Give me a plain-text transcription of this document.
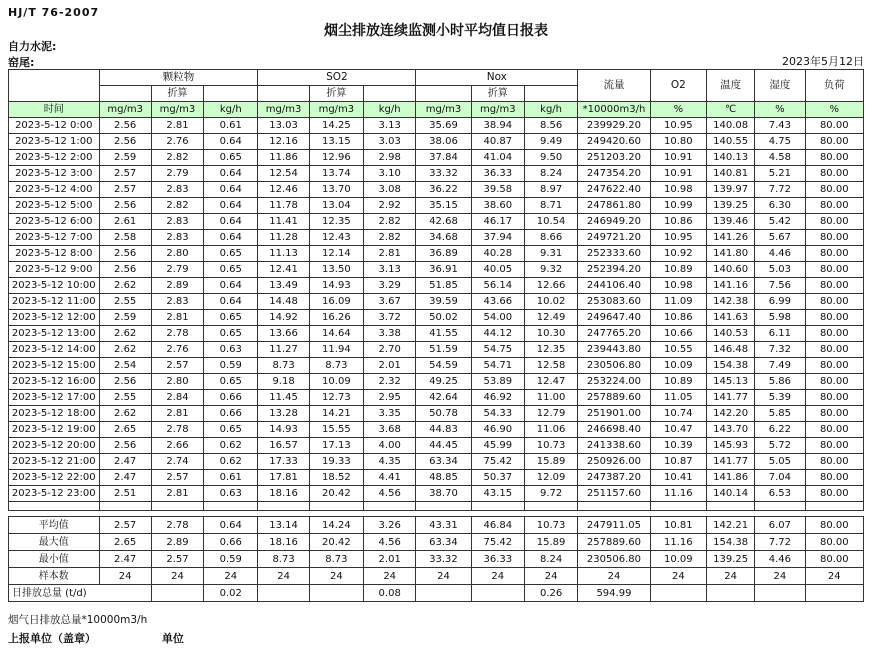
HJ/T 76-2007
烟尘排放连续监测小时平均值日报表
自力水泥:
窑尾:	2023年5月12日
	颗粒物			SO2			Nox			流量	O2	温度	湿度	负荷
		折算			折算			折算						
时间	mg/m3	mg/m3	kg/h	mg/m3	mg/m3	kg/h	mg/m3	mg/m3	kg/h	*10000m3/h	%	℃	%	%
2023-5-12 0:00	2.56	2.81	0.61	13.03	14.25	3.13	35.69	38.94	8.56	239929.20	10.95	140.08	7.43	80.00
2023-5-12 1:00	2.56	2.76	0.64	12.16	13.15	3.03	38.06	40.87	9.49	249420.60	10.80	140.55	4.75	80.00
2023-5-12 2:00	2.59	2.82	0.65	11.86	12.96	2.98	37.84	41.04	9.50	251203.20	10.91	140.13	4.58	80.00
2023-5-12 3:00	2.57	2.79	0.64	12.54	13.74	3.10	33.32	36.33	8.24	247354.20	10.91	140.81	5.21	80.00
2023-5-12 4:00	2.57	2.83	0.64	12.46	13.70	3.08	36.22	39.58	8.97	247622.40	10.98	139.97	7.72	80.00
2023-5-12 5:00	2.56	2.82	0.64	11.78	13.04	2.92	35.15	38.60	8.71	247861.80	10.99	139.25	6.30	80.00
2023-5-12 6:00	2.61	2.83	0.64	11.41	12.35	2.82	42.68	46.17	10.54	246949.20	10.86	139.46	5.42	80.00
2023-5-12 7:00	2.58	2.83	0.64	11.28	12.43	2.82	34.68	37.94	8.66	249721.20	10.95	141.26	5.67	80.00
2023-5-12 8:00	2.56	2.80	0.65	11.13	12.14	2.81	36.89	40.28	9.31	252333.60	10.92	141.80	4.46	80.00
2023-5-12 9:00	2.56	2.79	0.65	12.41	13.50	3.13	36.91	40.05	9.32	252394.20	10.89	140.60	5.03	80.00
2023-5-12 10:00	2.62	2.89	0.64	13.49	14.93	3.29	51.85	56.14	12.66	244106.40	10.98	141.16	7.56	80.00
2023-5-12 11:00	2.55	2.83	0.64	14.48	16.09	3.67	39.59	43.66	10.02	253083.60	11.09	142.38	6.99	80.00
2023-5-12 12:00	2.59	2.81	0.65	14.92	16.26	3.72	50.02	54.00	12.49	249647.40	10.86	141.63	5.98	80.00
2023-5-12 13:00	2.62	2.78	0.65	13.66	14.64	3.38	41.55	44.12	10.30	247765.20	10.66	140.53	6.11	80.00
2023-5-12 14:00	2.62	2.76	0.63	11.27	11.94	2.70	51.59	54.75	12.35	239443.80	10.55	146.48	7.32	80.00
2023-5-12 15:00	2.54	2.57	0.59	8.73	8.73	2.01	54.59	54.71	12.58	230506.80	10.09	154.38	7.49	80.00
2023-5-12 16:00	2.56	2.80	0.65	9.18	10.09	2.32	49.25	53.89	12.47	253224.00	10.89	145.13	5.86	80.00
2023-5-12 17:00	2.55	2.84	0.66	11.45	12.73	2.95	42.64	46.92	11.00	257889.60	11.05	141.77	5.39	80.00
2023-5-12 18:00	2.62	2.81	0.66	13.28	14.21	3.35	50.78	54.33	12.79	251901.00	10.74	142.20	5.85	80.00
2023-5-12 19:00	2.65	2.78	0.65	14.93	15.55	3.68	44.83	46.90	11.06	246698.40	10.47	143.70	6.22	80.00
2023-5-12 20:00	2.56	2.66	0.62	16.57	17.13	4.00	44.45	45.99	10.73	241338.60	10.39	145.93	5.72	80.00
2023-5-12 21:00	2.47	2.74	0.62	17.33	19.33	4.35	63.34	75.42	15.89	250926.00	10.87	141.77	5.05	80.00
2023-5-12 22:00	2.47	2.57	0.61	17.81	18.52	4.41	48.85	50.37	12.09	247387.20	10.41	141.86	7.04	80.00
2023-5-12 23:00	2.51	2.81	0.63	18.16	20.42	4.56	38.70	43.15	9.72	251157.60	11.16	140.14	6.53	80.00

平均值	2.57	2.78	0.64	13.14	14.24	3.26	43.31	46.84	10.73	247911.05	10.81	142.21	6.07	80.00
最大值	2.65	2.89	0.66	18.16	20.42	4.56	63.34	75.42	15.89	257889.60	11.16	154.38	7.72	80.00
最小值	2.47	2.57	0.59	8.73	8.73	2.01	33.32	36.33	8.24	230506.80	10.09	139.25	4.46	80.00
样本数	24	24	24	24	24	24	24	24	24	24	24	24	24	24
日排放总量 (t/d)			0.02			0.08			0.26	594.99				
烟气日排放总量*10000m3/h
上报单位（盖章）	单位
